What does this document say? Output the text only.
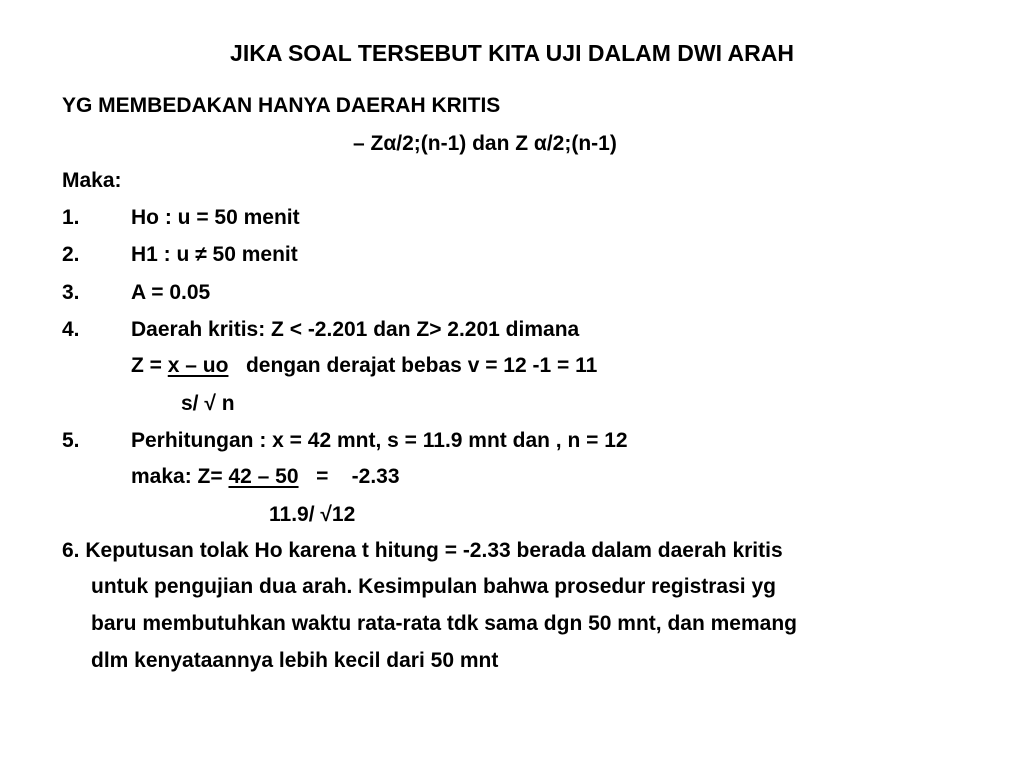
JIKA SOAL TERSEBUT KITA UJI DALAM DWI ARAH
YG MEMBEDAKAN HANYA DAERAH KRITIS
– Zα/2;(n-1) dan Z α/2;(n-1)
Maka:
1. Ho : u = 50 menit
2. H1 : u ≠ 50 menit
3. A = 0.05
4. Daerah kritis: Z < -2.201 dan Z> 2.201 dimana
Z = x – uo dengan derajat bebas v = 12 -1 = 11
s/ √ n
5. Perhitungan : x = 42 mnt, s = 11.9 mnt dan , n = 12
maka: Z= 42 – 50 = -2.33
11.9/ √12
6. Keputusan tolak Ho karena t hitung = -2.33 berada dalam daerah kritis
untuk pengujian dua arah. Kesimpulan bahwa prosedur registrasi yg
baru membutuhkan waktu rata-rata tdk sama dgn 50 mnt, dan memang
dlm kenyataannya lebih kecil dari 50 mnt
